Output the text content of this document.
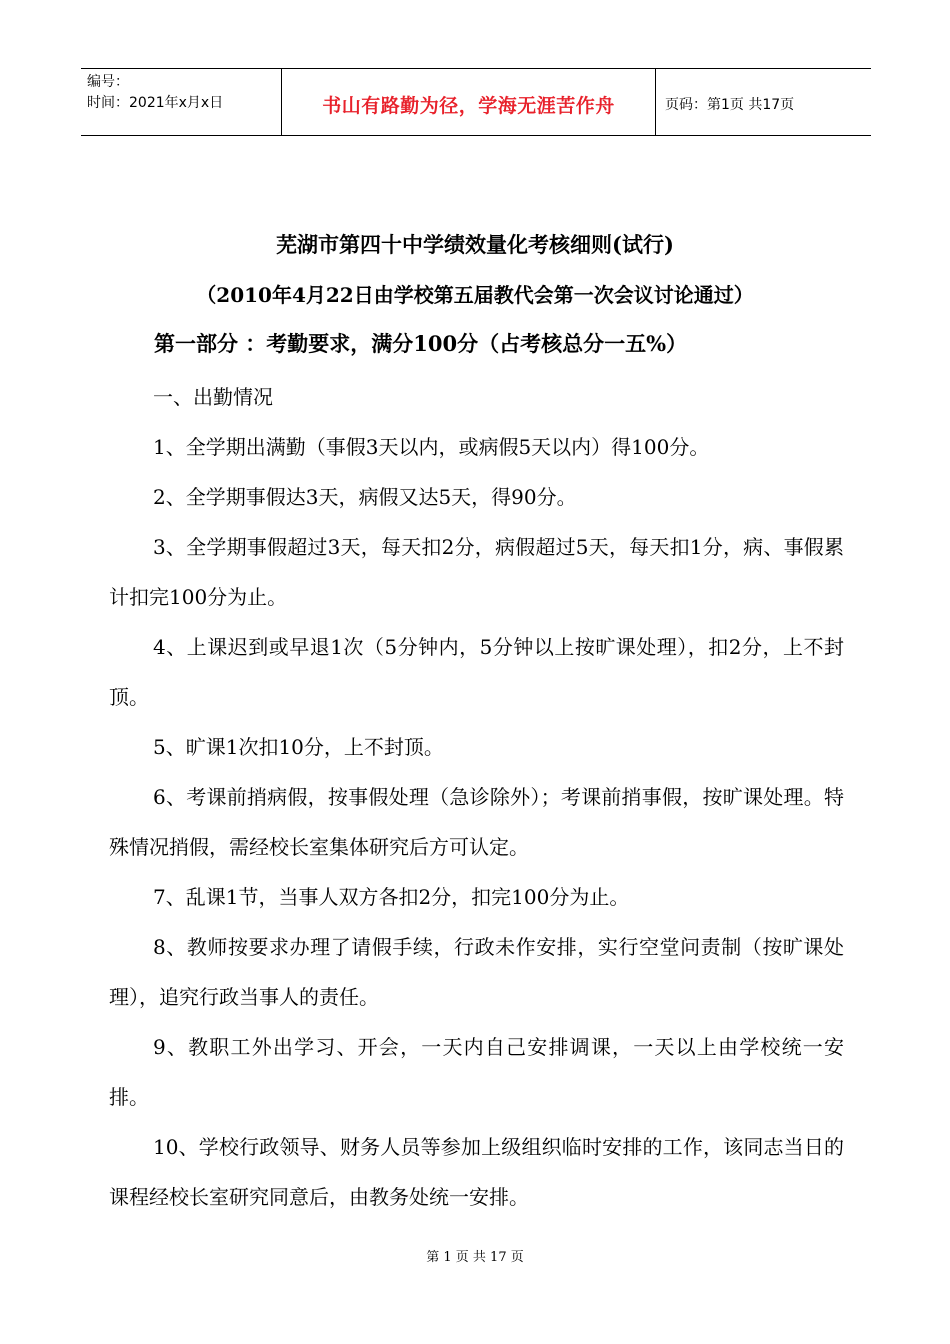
编号：
时间：2021年x月x日	书山有路勤为径，学海无涯苦作舟	页码：第1页 共17页
芜湖市第四十中学绩效量化考核细则(试行)
（2010年4月22日由学校第五届教代会第一次会议讨论通过）
第一部分 ：考勤要求，满分100分（占考核总分一五%）

一、出勤情况

1、全学期出满勤（事假3天以内，或病假5天以内）得100分。

2、全学期事假达3天，病假又达5天，得90分。

3、全学期事假超过3天，每天扣2分，病假超过5天，每天扣1分，病、事假累计扣完100分为止。

4、上课迟到或早退1次（5分钟内，5分钟以上按旷课处理），扣2分，上不封顶。

5、旷课1次扣10分，上不封顶。

6、考课前捎病假，按事假处理（急诊除外）；考课前捎事假，按旷课处理。特殊情况捎假，需经校长室集体研究后方可认定。

7、乱课1节，当事人双方各扣2分，扣完100分为止。

8、教师按要求办理了请假手续，行政未作安排，实行空堂问责制（按旷课处理），追究行政当事人的责任。

9、教职工外出学习、开会，一天内自己安排调课，一天以上由学校统一安排。

10、学校行政领导、财务人员等参加上级组织临时安排的工作，该同志当日的课程经校长室研究同意后，由教务处统一安排。

第 1 页 共 17 页
